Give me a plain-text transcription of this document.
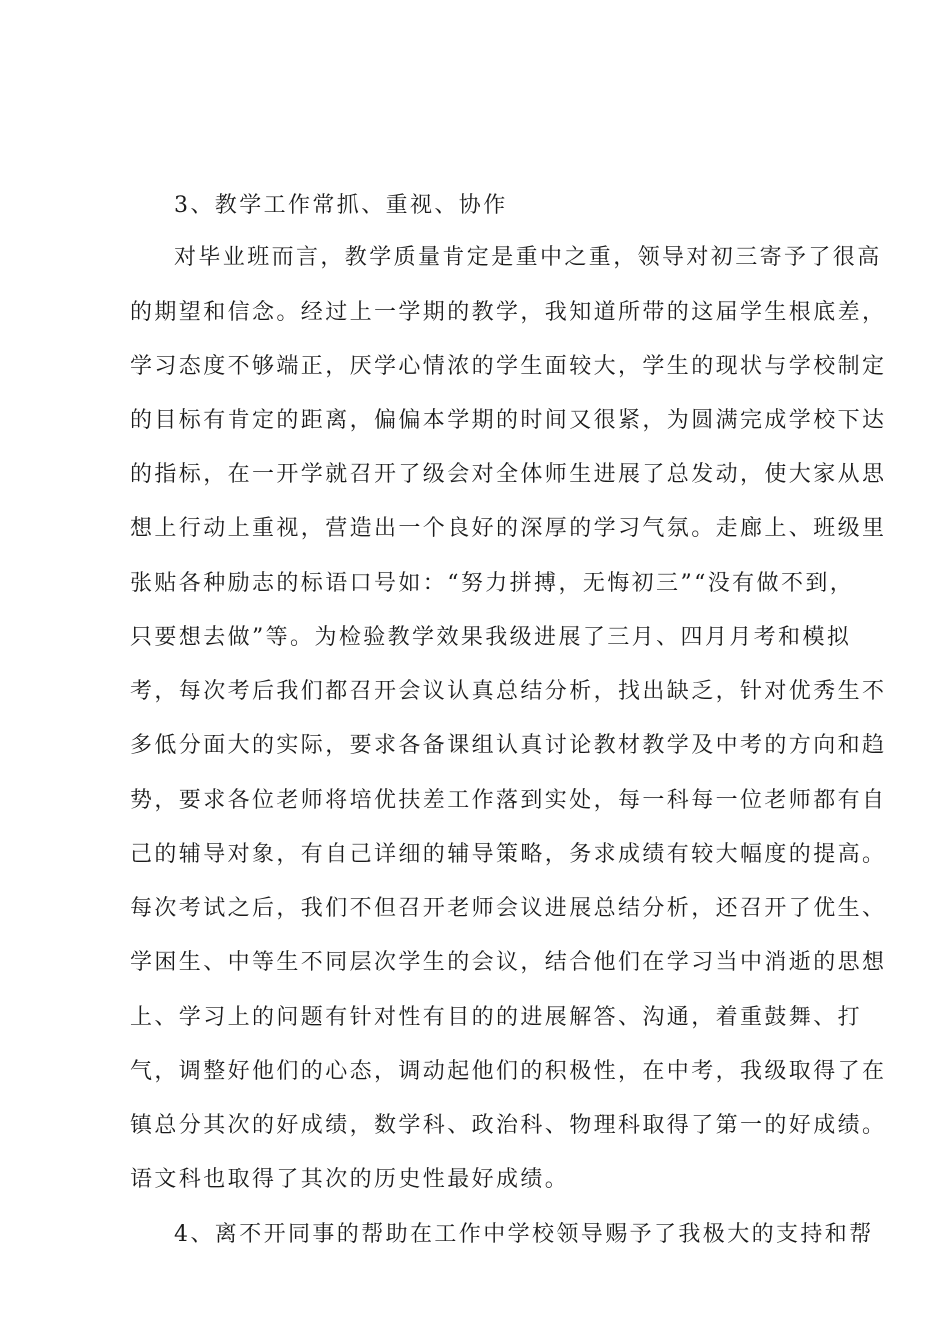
3、教学工作常抓、重视、协作
对毕业班而言，教学质量肯定是重中之重，领导对初三寄予了很高
的期望和信念。经过上一学期的教学，我知道所带的这届学生根底差，
学习态度不够端正，厌学心情浓的学生面较大，学生的现状与学校制定
的目标有肯定的距离，偏偏本学期的时间又很紧，为圆满完成学校下达
的指标，在一开学就召开了级会对全体师生进展了总发动，使大家从思
想上行动上重视，营造出一个良好的深厚的学习气氛。走廊上、班级里
张贴各种励志的标语口号如：“努力拼搏，无悔初三”“没有做不到，
只要想去做”等。为检验教学效果我级进展了三月、四月月考和模拟
考，每次考后我们都召开会议认真总结分析，找出缺乏，针对优秀生不
多低分面大的实际，要求各备课组认真讨论教材教学及中考的方向和趋
势，要求各位老师将培优扶差工作落到实处，每一科每一位老师都有自
己的辅导对象，有自己详细的辅导策略，务求成绩有较大幅度的提高。
每次考试之后，我们不但召开老师会议进展总结分析，还召开了优生、
学困生、中等生不同层次学生的会议，结合他们在学习当中消逝的思想
上、学习上的问题有针对性有目的的进展解答、沟通，着重鼓舞、打
气，调整好他们的心态，调动起他们的积极性，在中考，我级取得了在
镇总分其次的好成绩，数学科、政治科、物理科取得了第一的好成绩。
语文科也取得了其次的历史性最好成绩。
4、离不开同事的帮助在工作中学校领导赐予了我极大的支持和帮
